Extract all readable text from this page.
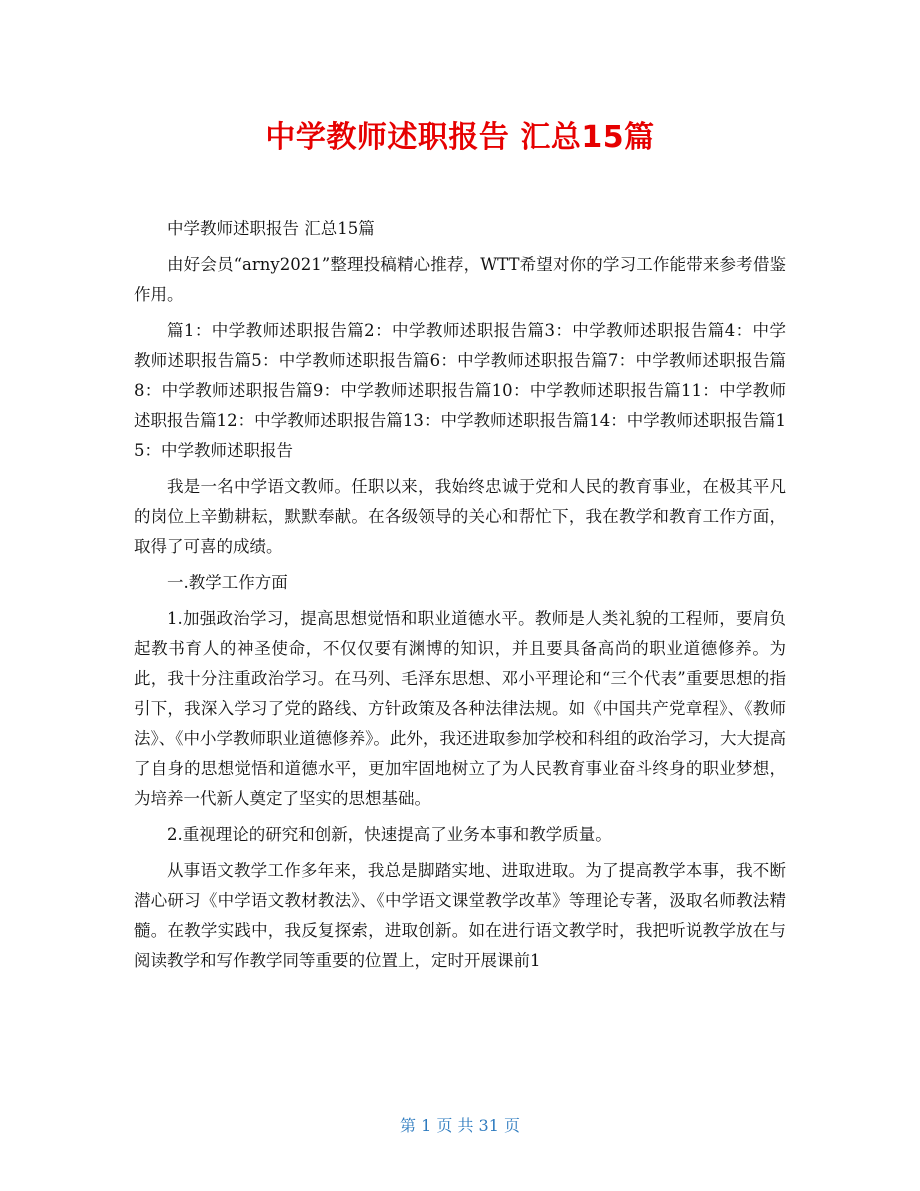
中学教师述职报告 汇总15篇

中学教师述职报告 汇总15篇

由好会员“arny2021”整理投稿精心推荐，WTT希望对你的学习工作能带来参考借鉴作用。

篇1：中学教师述职报告篇2：中学教师述职报告篇3：中学教师述职报告篇4：中学教师述职报告篇5：中学教师述职报告篇6：中学教师述职报告篇7：中学教师述职报告篇8：中学教师述职报告篇9：中学教师述职报告篇10：中学教师述职报告篇11：中学教师述职报告篇12：中学教师述职报告篇13：中学教师述职报告篇14：中学教师述职报告篇15：中学教师述职报告

我是一名中学语文教师。任职以来，我始终忠诚于党和人民的教育事业，在极其平凡的岗位上辛勤耕耘，默默奉献。在各级领导的关心和帮忙下，我在教学和教育工作方面，取得了可喜的成绩。

一.教学工作方面

1.加强政治学习，提高思想觉悟和职业道德水平。教师是人类礼貌的工程师，要肩负起教书育人的神圣使命，不仅仅要有渊博的知识，并且要具备高尚的职业道德修养。为此，我十分注重政治学习。在马列、毛泽东思想、邓小平理论和“三个代表”重要思想的指引下，我深入学习了党的路线、方针政策及各种法律法规。如《中国共产党章程》、《教师法》、《中小学教师职业道德修养》。此外，我还进取参加学校和科组的政治学习，大大提高了自身的思想觉悟和道德水平，更加牢固地树立了为人民教育事业奋斗终身的职业梦想，为培养一代新人奠定了坚实的思想基础。

2.重视理论的研究和创新，快速提高了业务本事和教学质量。

从事语文教学工作多年来，我总是脚踏实地、进取进取。为了提高教学本事，我不断潜心研习《中学语文教材教法》、《中学语文课堂教学改革》等理论专著，汲取名师教法精髓。在教学实践中，我反复探索，进取创新。如在进行语文教学时，我把听说教学放在与阅读教学和写作教学同等重要的位置上，定时开展课前1

第 1 页 共 31 页
